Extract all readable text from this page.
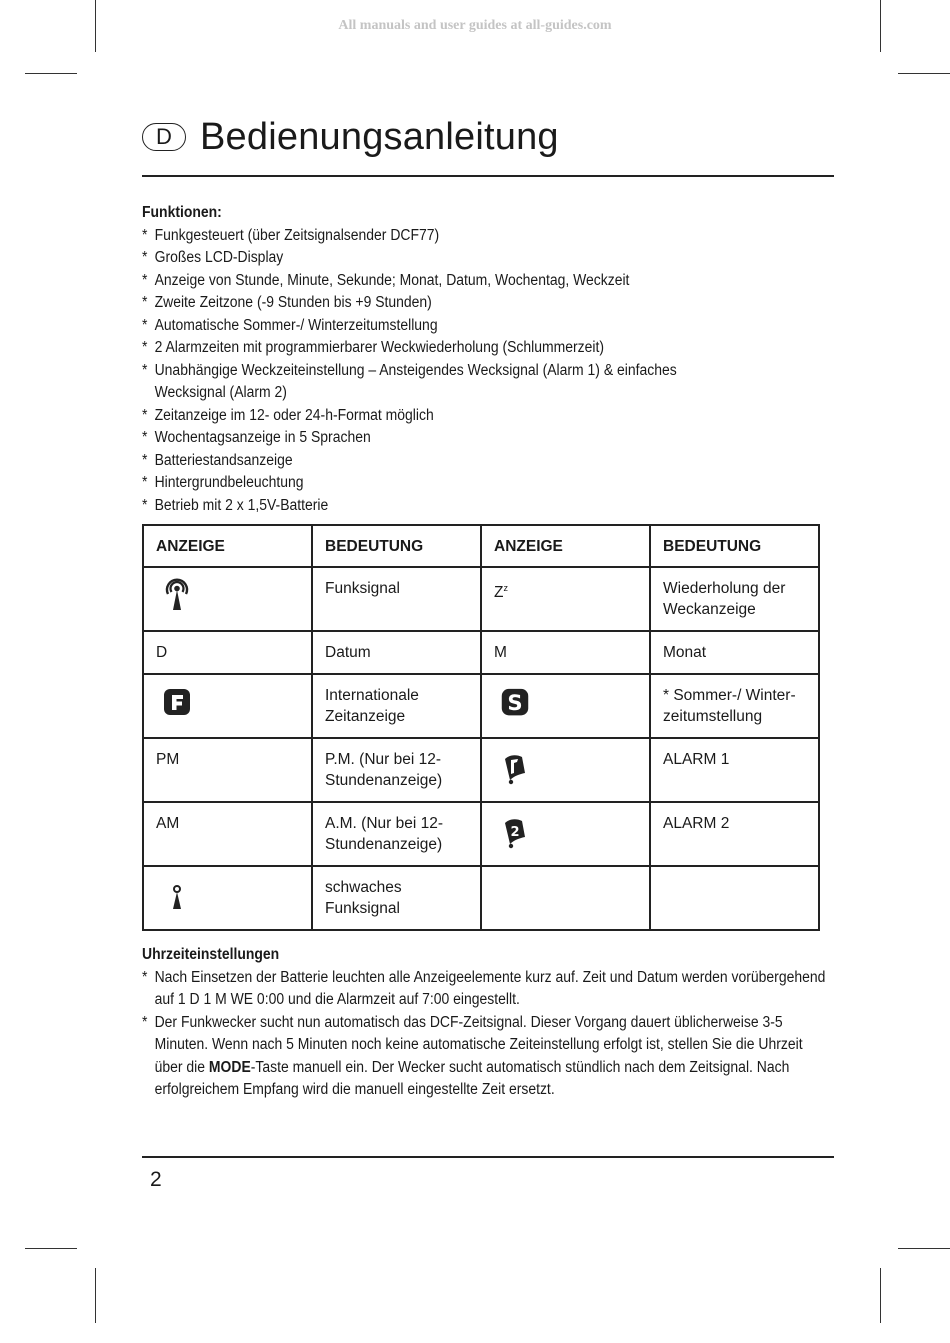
All manuals and user guides at all-guides.com
D Bedienungsanleitung
Funktionen:
* Funkgesteuert (über Zeitsignalsender DCF77)
* Großes LCD-Display
* Anzeige von Stunde, Minute, Sekunde; Monat, Datum, Wochentag, Weckzeit
* Zweite Zeitzone (-9 Stunden bis +9 Stunden)
* Automatische Sommer-/ Winterzeitumstellung
* 2 Alarmzeiten mit programmierbarer Weckwiederholung (Schlummerzeit)
* Unabhängige Weckzeiteinstellung – Ansteigendes Wecksignal (Alarm 1) & einfaches Wecksignal (Alarm 2)
* Zeitanzeige im 12- oder 24-h-Format möglich
* Wochentagsanzeige in 5 Sprachen
* Batteriestandsanzeige
* Hintergrundbeleuchtung
* Betrieb mit 2 x 1,5V-Batterie
ANZEIGE	BEDEUTUNG	ANZEIGE	BEDEUTUNG

	Funksignal	$Z^z$	Wiederholung der Weckanzeige
D	Datum	M	Monat

	Internationale Zeitanzeige	S	* Sommer-/ Winter-zeitumstellung
PM	P.M. (Nur bei 12-Stundenanzeige)		ALARM 1
AM	A.M. (Nur bei 12-Stundenanzeige)	2	ALARM 2

	schwaches Funksignal		
Uhrzeiteinstellungen
* Nach Einsetzen der Batterie leuchten alle Anzeigeelemente kurz auf. Zeit und Datum werden vorübergehend auf 1 D 1 M WE 0:00 und die Alarmzeit auf 7:00 eingestellt.
* Der Funkwecker sucht nun automatisch das DCF-Zeitsignal. Dieser Vorgang dauert üblicherweise 3-5 Minuten. Wenn nach 5 Minuten noch keine automatische Zeiteinstellung erfolgt ist, stellen Sie die Uhrzeit über die MODE-Taste manuell ein. Der Wecker sucht automatisch stündlich nach dem Zeitsignal. Nach erfolgreichem Empfang wird die manuell eingestellte Zeit ersetzt.
2
